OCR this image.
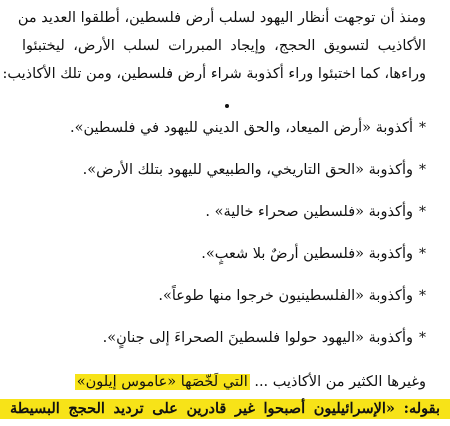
ومنذ أن توجهت أنظار اليهود لسلب أرض فلسطين، أطلقوا العديد من
الأكاذيب لتسويق الحجج، وإيجاد المبررات لسلب الأرض، ليختبئوا
وراءها، كما اختبئوا وراء أكذوبة شراء أرض فلسطين، ومن تلك الأكاذيب:
*أكذوبة «أرض الميعاد، والحق الديني لليهود في فلسطين».
*وأكذوبة «الحق التاريخي، والطبيعي لليهود بتلك الأرض».
*وأكذوبة «فلسطين صحراء خالية» .
*وأكذوبة «فلسطين أرضٌ بلا شعبٍ».
*وأكذوبة «الفلسطينيون خرجوا منها طوعاً».
*وأكذوبة «اليهود حولوا فلسطينَ الصحراءَ إلى جنانٍ».
وغيرها الكثير من الأكاذيب ... التي لَخّصَها «عاموس إيلون»
بقوله: «الإسرائيليون أصبحوا غير قادرين على ترديد الحجج البسيطة
